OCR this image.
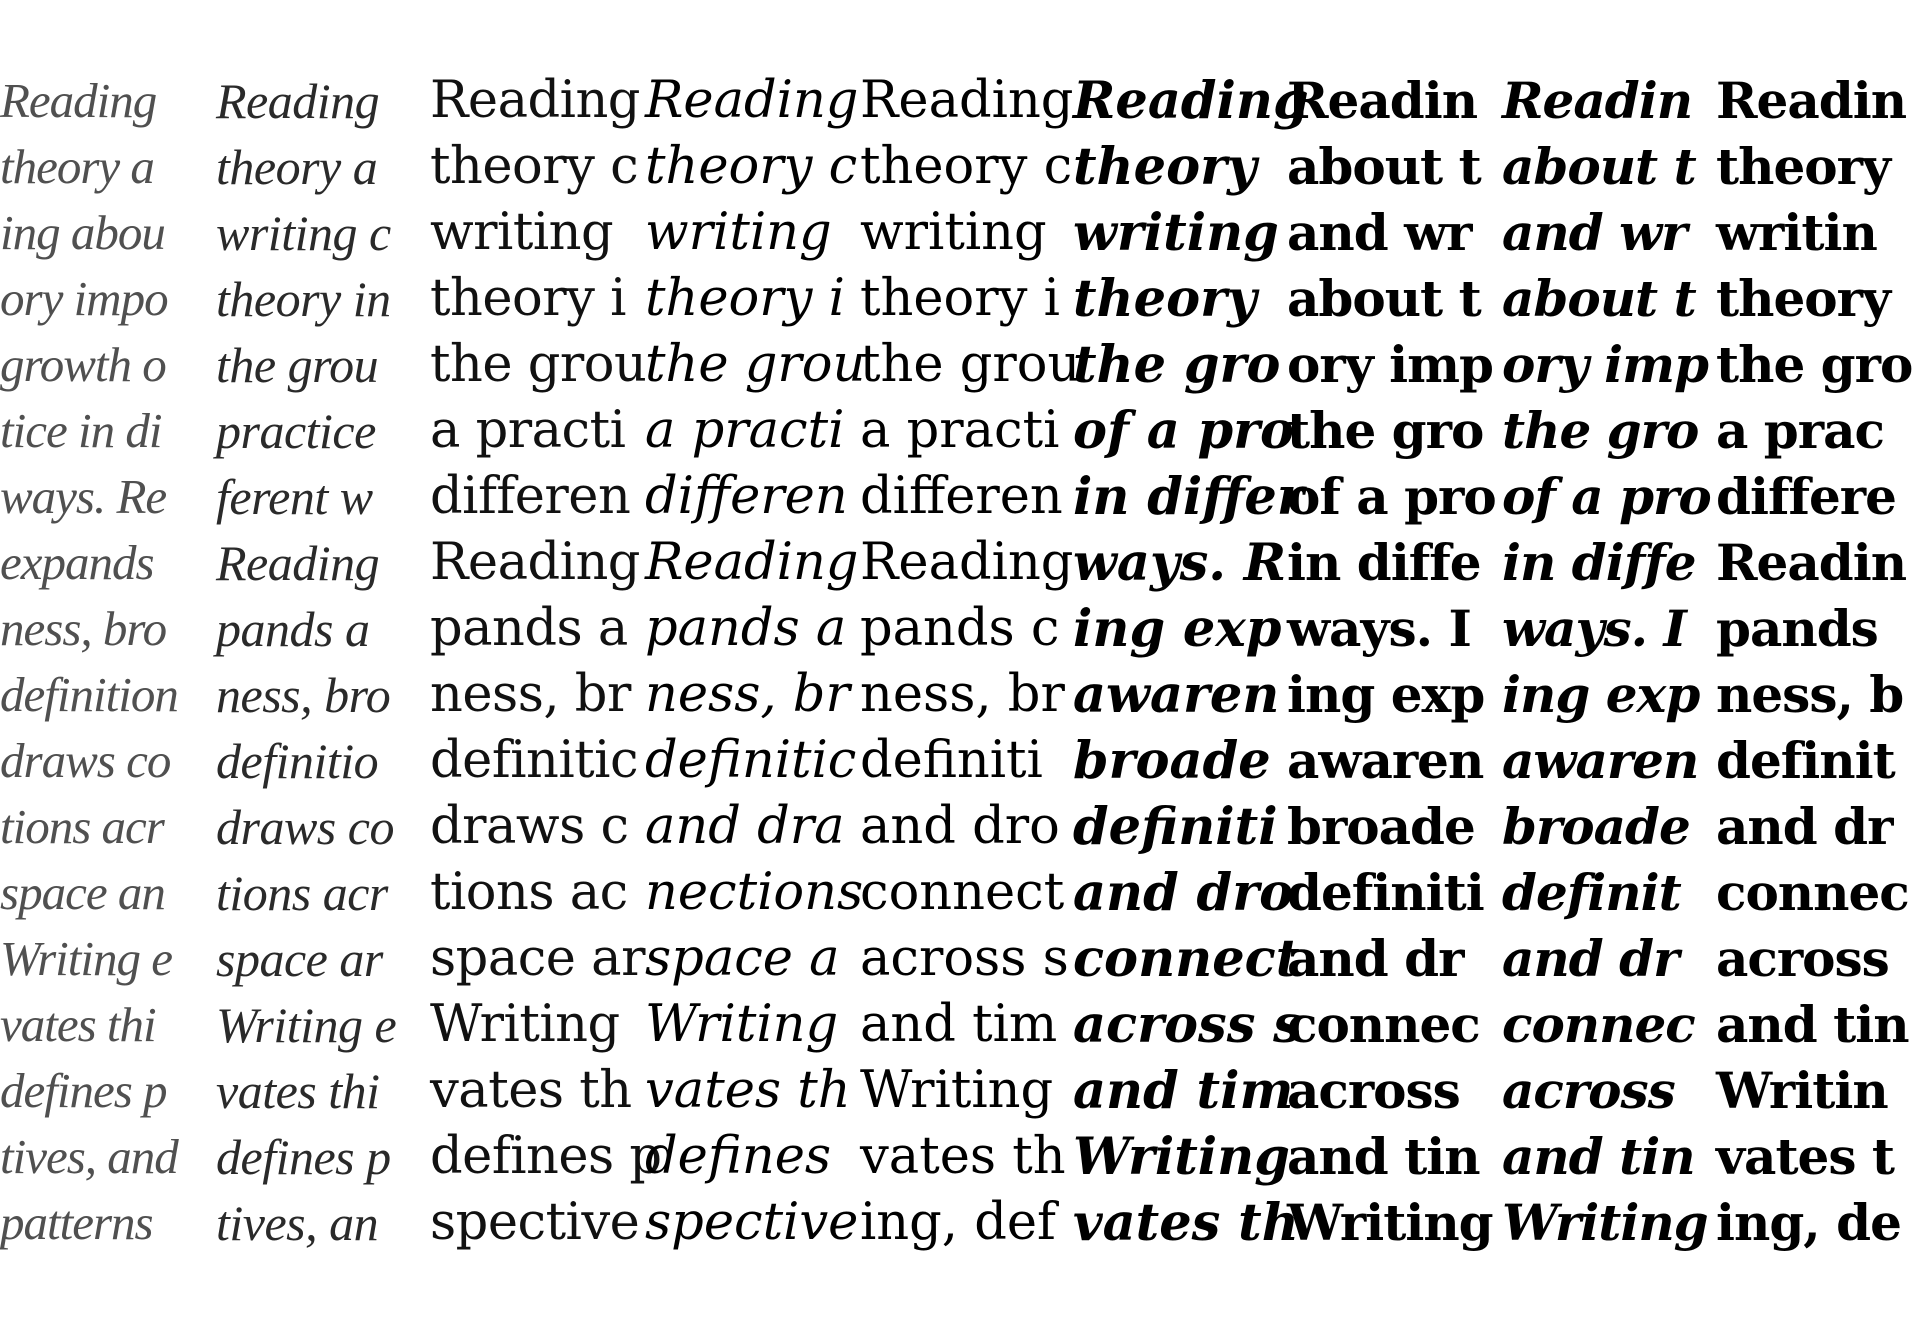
Reading
theory a
ing abou
ory impo
growth o
tice in di
ways. Re
expands
ness, bro
definition
draws co
tions acr
space an
Writing e
vates thi
defines p
tives, and
patterns
Reading
theory a
writing c
theory in
the grou
practice
ferent w
Reading
pands a
ness, bro
definitio
draws co
tions acr
space ar
Writing e
vates thi
defines p
tives, an
Reading
theory c
writing
theory i
the grou
a practi
differen
Reading
pands a
ness, br
definitic
draws c
tions ac
space ar
Writing
vates th
defines p
spective
Reading
theory c
writing
theory i
the grou
a practi
differen
Reading
pands a
ness, br
definitic
and dra
nections
space a
Writing
vates th
defines
spective
Reading
theory c
writing
theory i
the grou
a practi
differen
Reading
pands c
ness, br
definiti
and dro
connect
across s
and tim
Writing
vates th
ing, def
Reading
theory
writing
theory
the gro
of a pro
in differ
ways. R
ing exp
awaren
broade
definiti
and dro
connect
across s
and tim
Writing
vates th
Readin
about t
and wr
about t
ory imp
the gro
of a pro
in diffe
ways. I
ing exp
awaren
broade
definiti
and dr
connec
across
and tin
Writing
Readin
about t
and wr
about t
ory imp
the gro
of a pro
in diffe
ways. I
ing exp
awaren
broade
definit
and dr
connec
across
and tin
Writing
Readin
theory
writin
theory
the gro
a prac
differe
Readin
pands
ness, b
definit
and dr
connec
across
and tin
Writin
vates t
ing, de
